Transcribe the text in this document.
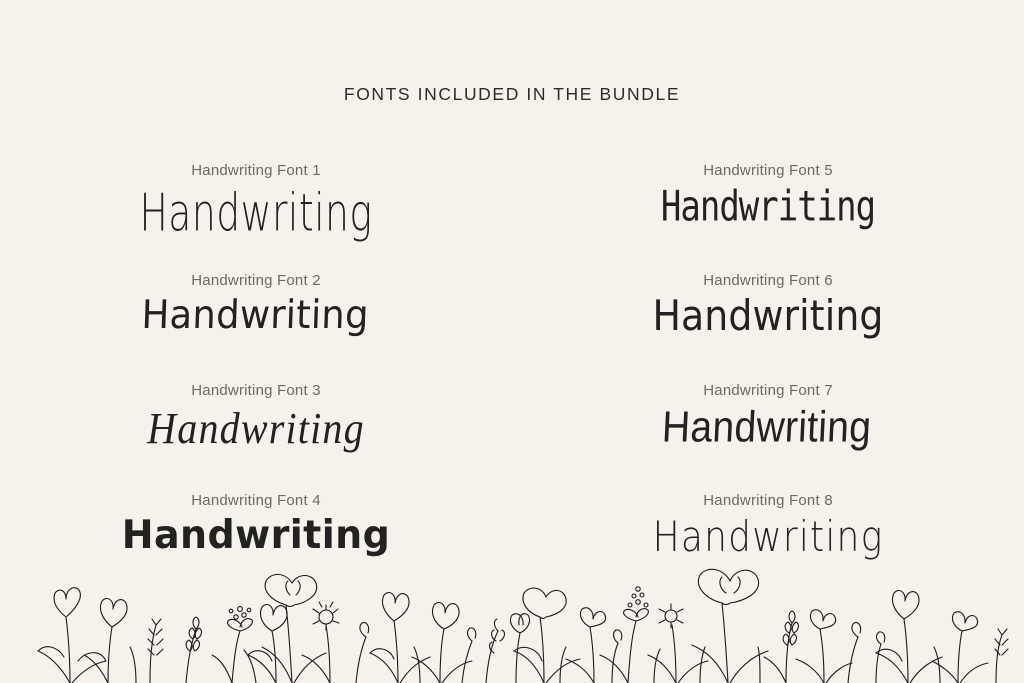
FONTS INCLUDED IN THE BUNDLE

Handwriting Font 1

Handwriting

Handwriting Font 5

Handwriting

Handwriting Font 2

Handwriting

Handwriting Font 6

Handwriting

Handwriting Font 3

Handwriting

Handwriting Font 7

Handwriting

Handwriting Font 4

Handwriting

Handwriting Font 8

Handwriting
